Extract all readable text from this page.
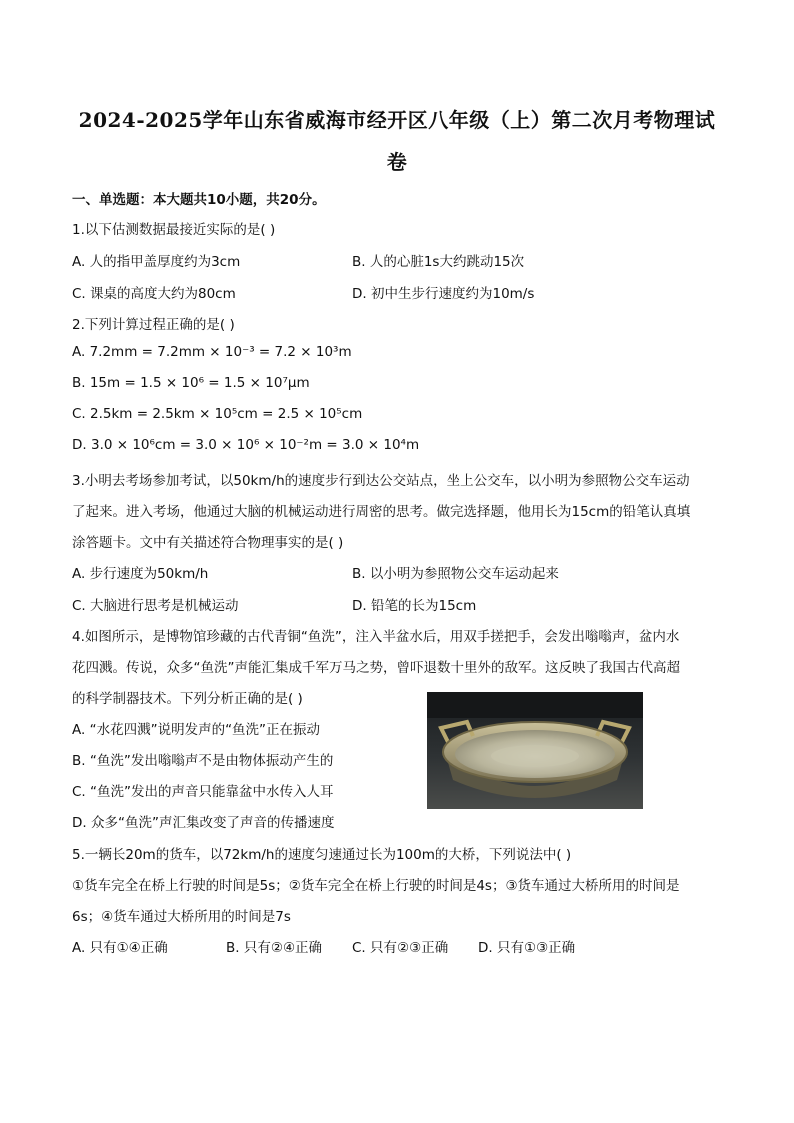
2024-2025学年山东省威海市经开区八年级（上）第二次月考物理试
卷
一、单选题：本大题共10小题，共20分。
1.以下估测数据最接近实际的是( )
A. 人的指甲盖厚度约为3cm	B. 人的心脏1s大约跳动15次
C. 课桌的高度大约为80cm	D. 初中生步行速度约为10m/s
2.下列计算过程正确的是( )
A. 7.2mm = 7.2mm × 10⁻³ = 7.2 × 10³m
B. 15m = 1.5 × 10⁶ = 1.5 × 10⁷μm
C. 2.5km = 2.5km × 10⁵cm = 2.5 × 10⁵cm
D. 3.0 × 10⁶cm = 3.0 × 10⁶ × 10⁻²m = 3.0 × 10⁴m
3.小明去考场参加考试，以50km/h的速度步行到达公交站点，坐上公交车，以小明为参照物公交车运动
了起来。进入考场，他通过大脑的机械运动进行周密的思考。做完选择题，他用长为15cm的铅笔认真填
涂答题卡。文中有关描述符合物理事实的是( )
A. 步行速度为50km/h	B. 以小明为参照物公交车运动起来
C. 大脑进行思考是机械运动	D. 铅笔的长为15cm
4.如图所示，是博物馆珍藏的古代青铜“鱼洗”，注入半盆水后，用双手搓把手，会发出嗡嗡声，盆内水
花四溅。传说，众多“鱼洗”声能汇集成千军万马之势，曾吓退数十里外的敌军。这反映了我国古代高超
的科学制器技术。下列分析正确的是( )
A. “水花四溅”说明发声的“鱼洗”正在振动
B. “鱼洗”发出嗡嗡声不是由物体振动产生的
C. “鱼洗”发出的声音只能靠盆中水传入人耳
D. 众多“鱼洗”声汇集改变了声音的传播速度
5.一辆长20m的货车，以72km/h的速度匀速通过长为100m的大桥，下列说法中( )
①货车完全在桥上行驶的时间是5s；②货车完全在桥上行驶的时间是4s；③货车通过大桥所用的时间是
6s；④货车通过大桥所用的时间是7s
A. 只有①④正确	B. 只有②④正确 C. 只有②③正确 D. 只有①③正确
